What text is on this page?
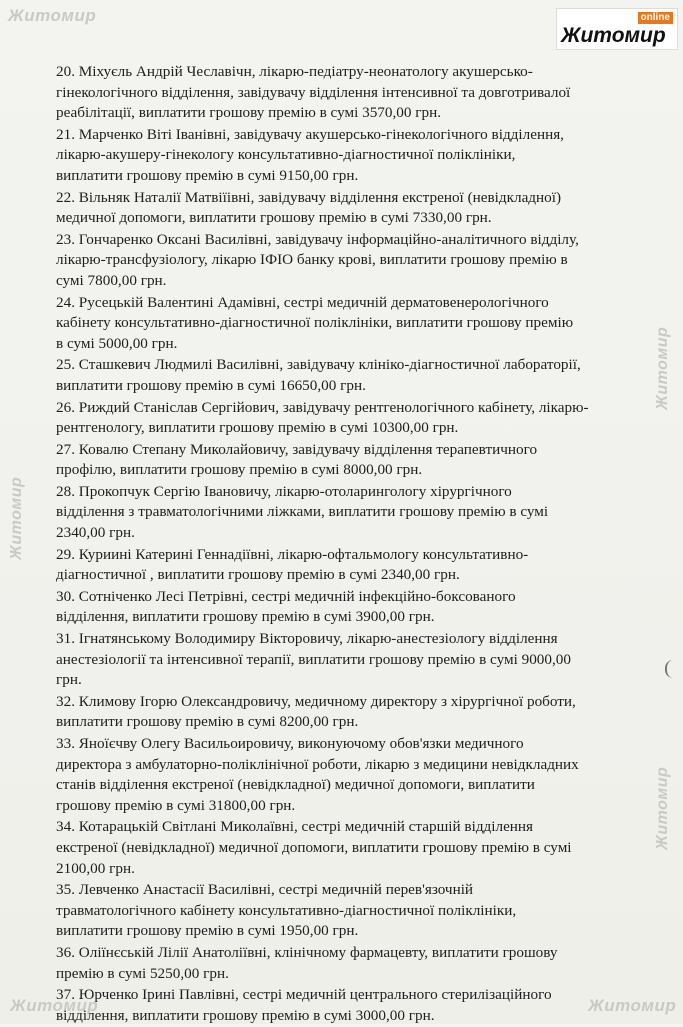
Житомир
Житомир	Житомир
Житомир
Житомир
Житомир
online
Житомир

20. Міхуєль Андрій Чеславічн, лікарю-педіатру-неонатологу акушерсько-

гінекологічного відділення, завідувачу відділення інтенсивної та довготривалої

реабілітації, виплатити грошову премію в сумі 3570,00 грн.

21. Марченко Віті Іванівні, завідувачу акушерсько-гінекологічного відділення,

лікарю-акушеру-гінекологу консультативно-діагностичної поліклініки,

виплатити грошову премію в сумі 9150,00 грн.

22. Вільняк Наталії Матвіїівні, завідувачу відділення екстреної (невідкладної)

медичної допомоги, виплатити грошову премію в сумі 7330,00 грн.

23. Гончаренко Оксані Василівні, завідувачу інформаційно-аналітичного відділу,

лікарю-трансфузіологу, лікарю ІФІО банку крові, виплатити грошову премію в

сумі 7800,00 грн.

24. Русецькій Валентині Адамівні, сестрі медичній дерматовенерологічного

кабінету консультативно-діагностичної поліклініки, виплатити грошову премію

в сумі 5000,00 грн.

25. Сташкевич Людмилі Василівні, завідувачу клініко-діагностичної лабораторії,

виплатити грошову премію в сумі 16650,00 грн.

26. Риждий Станіслав Сергійович, завідувачу рентгенологічного кабінету, лікарю-

рентгенологу, виплатити грошову премію в сумі 10300,00 грн.

27. Ковалю Степану Миколайовичу, завідувачу відділення терапевтичного

профілю, виплатити грошову премію в сумі 8000,00 грн.

28. Прокопчук Сергію Івановичу, лікарю-отоларингологу хірургічного

відділення з травматологічними ліжками, виплатити грошову премію в сумі

2340,00 грн.

29. Куриині Катерині Геннадіївні, лікарю-офтальмологу консультативно-

діагностичної , виплатити грошову премію в сумі 2340,00 грн.

30. Сотніченко Лесі Петрівні, сестрі медичній інфекційно-боксованого

відділення, виплатити грошову премію в сумі 3900,00 грн.

31. Ігнатянському Володимиру Вікторовичу, лікарю-анестезіологу відділення

анестезіології та інтенсивної терапії, виплатити грошову премію в сумі 9000,00

грн.

32. Климову Ігорю Олександровичу, медичному директору з хірургічної роботи,

виплатити грошову премію в сумі 8200,00 грн.

33. Яноїєчву Олегу Васильоировичу, виконуючому обов'язки медичного

директора з амбулаторно-поліклінічної роботи, лікарю з медицини невідкладних

станів відділення екстреної (невідкладної) медичної допомоги, виплатити

грошову премію в сумі 31800,00 грн.

34. Котарацькій Світлані Миколаївні, сестрі медичній старшій відділення

екстреної (невідкладної) медичної допомоги, виплатити грошову премію в сумі

2100,00 грн.

35. Левченко Анастасії Василівні, сестрі медичній перев'язочній

травматологічного кабінету консультативно-діагностичної поліклініки,

виплатити грошову премію в сумі 1950,00 грн.

36. Оліїнєській Лілії Анатоліївні, клінічному фармацевту, виплатити грошову

премію в сумі 5250,00 грн.

37. Юрченко Ірині Павлівні, сестрі медичній центрального стерилізаційного

відділення, виплатити грошову премію в сумі 3000,00 грн.
